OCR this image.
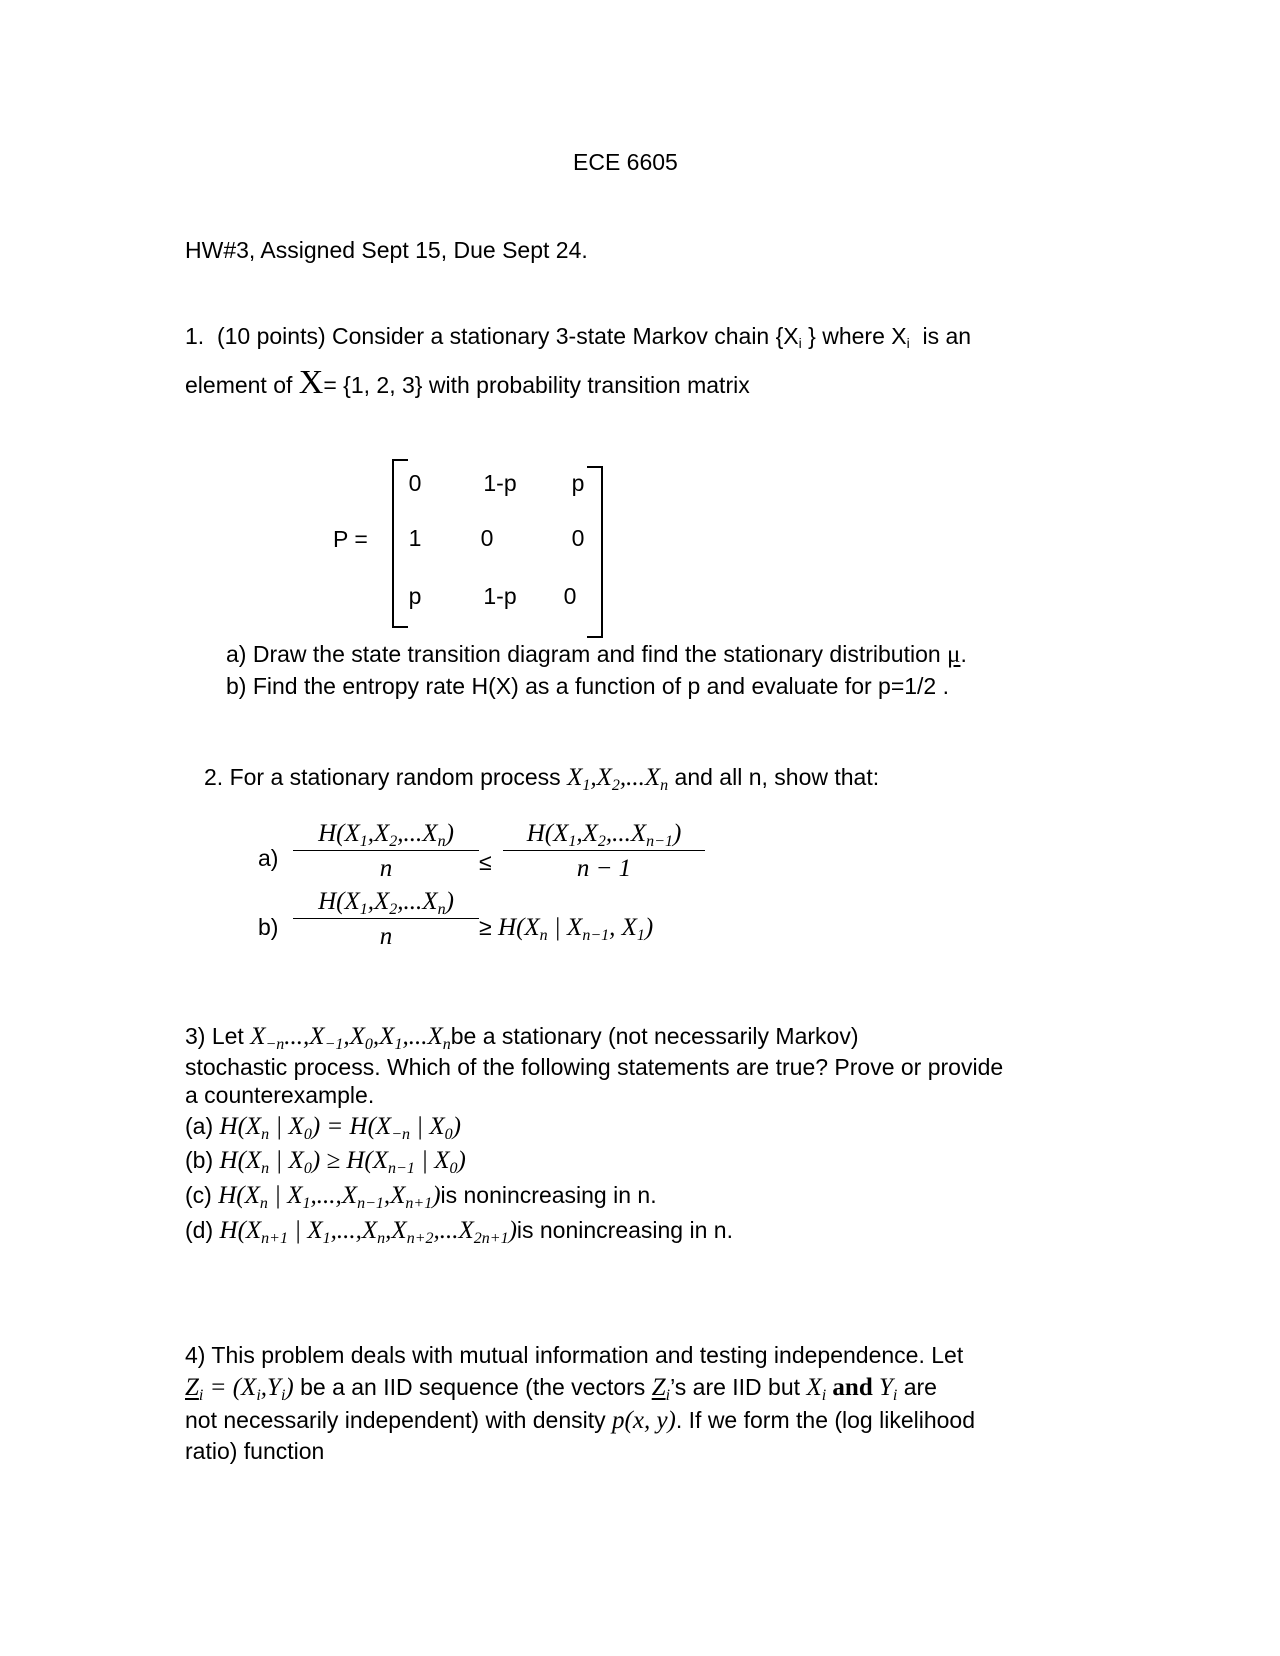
ECE 6605
HW#3, Assigned Sept 15, Due Sept 24.
1. (10 points) Consider a stationary 3-state Markov chain {$X_i$ } where $X_i$  is an
element of X= {1, 2, 3} with probability transition matrix
P =
0	1-p	p
1	0	0
p	1-p	0
a) Draw the state transition diagram and find the stationary distribution μ.
b) Find the entropy rate H(X) as a function of p and evaluate for p=1/2 .
2. For a stationary random process $X_1,X_2,...X_n$ and all n, show that:
a)
$H(X_1,X_2,...X_n)$
n	≤
$H(X_1,X_2,...X_{n-1})$
n − 1
b)
$H(X_1,X_2,...X_n)$
n	≥ $H(X_n$ | $X_{n-1}$, $X_1$)
3) Let $X_{-n}...,X_{-1},X_0,X_1,...X_nbe$ a stationary (not necessarily Markov)
stochastic process. Which of the following statements are true? Prove or provide
a counterexample.
(a) $H(X_n$ | $X_0) = H(X_{-n}$ | $X_0$)
(b) $H(X_n$ | $X_0) \ge H(X_{n-1}$ | $X_0$)
(c) $H(X_n$ | $X_1,...,X_{n-1},X_{n+1})is$ nonincreasing in n.
(d) $H(X_{n+1}$ | $X_1,...,X_n,X_{n+2},...X_{2n+1})is$ nonincreasing in n.
4) This problem deals with mutual information and testing independence. Let
$Z_i = (X_i,Y_i)$ be a an IID sequence (the vectors $Z_i’s$ are IID but $X_i$ and $Y_i$ are
not necessarily independent) with density p(x, y). If we form the (log likelihood
ratio) function
